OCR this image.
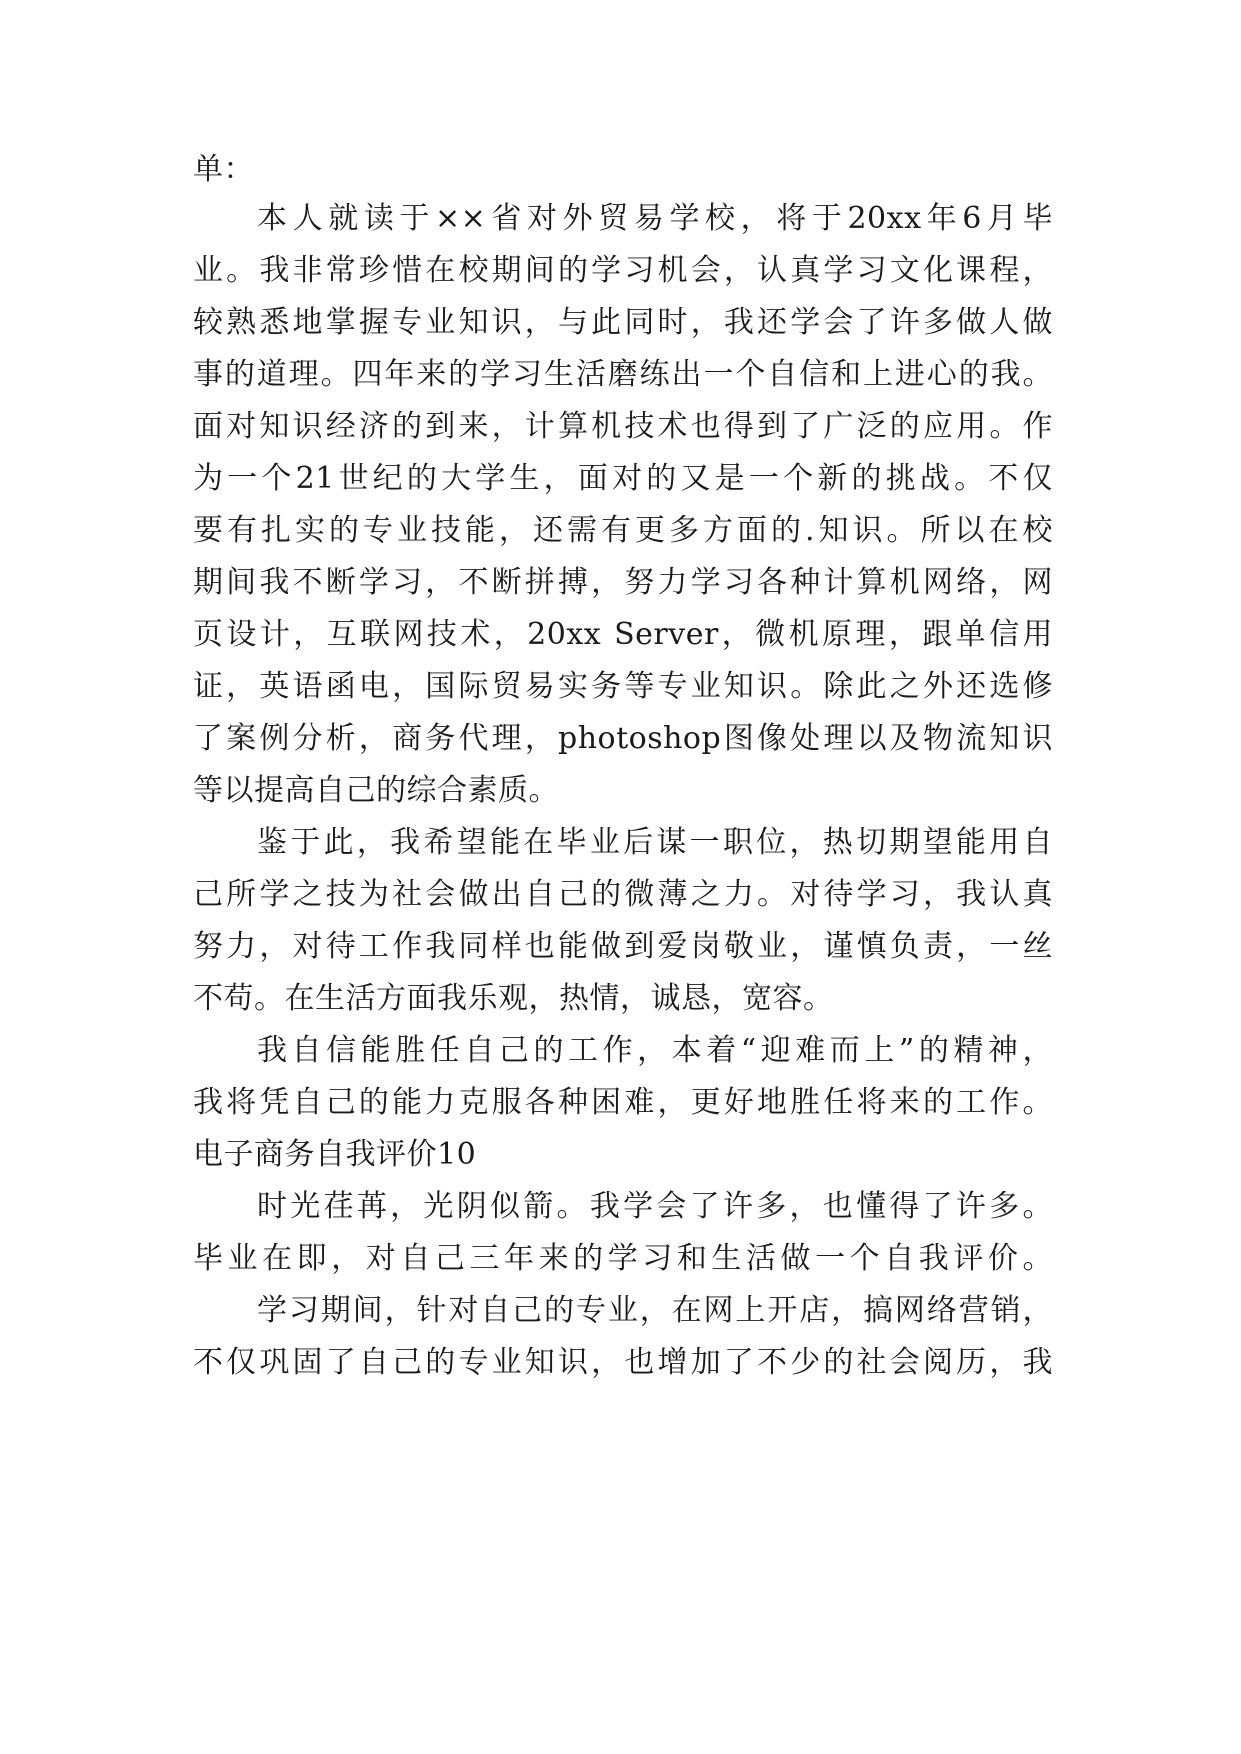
单：

本人就读于××省对外贸易学校，将于20xx年6月毕

业。我非常珍惜在校期间的学习机会，认真学习文化课程，

较熟悉地掌握专业知识，与此同时，我还学会了许多做人做

事的道理。四年来的学习生活磨练出一个自信和上进心的我。

面对知识经济的到来，计算机技术也得到了广泛的应用。作

为一个21世纪的大学生，面对的又是一个新的挑战。不仅

要有扎实的专业技能，还需有更多方面的.知识。所以在校

期间我不断学习，不断拼搏，努力学习各种计算机网络，网

页设计，互联网技术，20xx Server，微机原理，跟单信用

证，英语函电，国际贸易实务等专业知识。除此之外还选修

了案例分析，商务代理，photoshop图像处理以及物流知识

等以提高自己的综合素质。

鉴于此，我希望能在毕业后谋一职位，热切期望能用自

己所学之技为社会做出自己的微薄之力。对待学习，我认真

努力，对待工作我同样也能做到爱岗敬业，谨慎负责，一丝

不苟。在生活方面我乐观，热情，诚恳，宽容。

我自信能胜任自己的工作，本着“迎难而上”的精神，

我将凭自己的能力克服各种困难，更好地胜任将来的工作。

电子商务自我评价10

时光荏苒，光阴似箭。我学会了许多，也懂得了许多。

毕业在即，对自己三年来的学习和生活做一个自我评价。

学习期间，针对自己的专业，在网上开店，搞网络营销，

不仅巩固了自己的专业知识，也增加了不少的社会阅历，我
